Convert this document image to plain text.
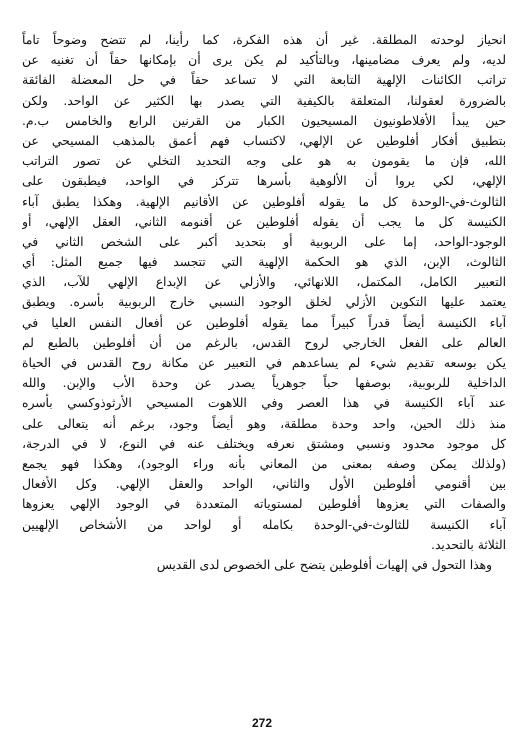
انحياز لوحدته المطلقة. غير أن هذه الفكرة، كما رأينا، لم تتضح وضوحاً تاماً
لديه، ولم يعرف مضامينها، وبالتأكيد لم يكن يرى أن بإمكانها حقاً أن تغنيه عن
تراتب الكائنات الإلهية التابعة التي لا تساعد حقاً في حل المعضلة الفائقة
بالضرورة لعقولنا، المتعلقة بالكيفية التي يصدر بها الكثير عن الواحد. ولكن
حين يبدأ الأفلاطونيون المسيحيون الكبار من القرنين الرابع والخامس ب.م.
بتطبيق أفكار أفلوطين عن الإلهي، لاكتساب فهم أعمق بالمذهب المسيحي عن
الله، فإن ما يقومون به هو على وجه التحديد التخلي عن تصور التراتب
الإلهي، لكي يروا أن الألوهية بأسرها تتركز في الواحد، فيطبقون على
الثالوث-في-الوحدة كل ما يقوله أفلوطين عن الأقانيم الإلهية. وهكذا يطبق آباء
الكنيسة كل ما يجب أن يقوله أفلوطين عن أقنومه الثاني، العقل الإلهي، أو
الوجود-الواحد، إما على الربوبية أو بتحديد أكبر على الشخص الثاني في
الثالوث، الإبن، الذي هو الحكمة الإلهية التي تتجسد فيها جميع المثل: أي
التعبير الكامل، المكتمل، اللانهائي، والأزلي عن الإبداع الإلهي للآب، الذي
يعتمد عليها التكوين الأزلي لخلق الوجود النسبي خارج الربوبية بأسره. ويطبق
آباء الكنيسة أيضاً قدراً كبيراً مما يقوله أفلوطين عن أفعال النفس العليا في
العالم على الفعل الخارجي لروح القدس، بالرغم من أن أفلوطين بالطبع لم
يكن بوسعه تقديم شيء لم يساعدهم في التعبير عن مكانة روح القدس في الحياة
الداخلية للربوبية، بوصفها حباً جوهرياً يصدر عن وحدة الأب والإبن. والله
عند آباء الكنيسة في هذا العصر وفي اللاهوت المسيحي الأرثوذوكسي بأسره
منذ ذلك الحين، واحد وحدة مطلقة، وهو أيضاً وجود، برغم أنه يتعالى على
كل موجود محدود ونسبي ومشتق نعرفه ويختلف عنه في النوع، لا في الدرجة،
(ولذلك يمكن وصفه بمعنى من المعاني بأنه وراء الوجود)، وهكذا فهو يجمع
بين أقنومي أفلوطين الأول والثاني، الواحد والعقل الإلهي. وكل الأفعال
والصفات التي يعزوها أفلوطين لمستوياته المتعددة في الوجود الإلهي يعزوها
آباء الكنيسة للثالوث-في-الوحدة بكامله أو لواحد من الأشخاص الإلهيين
الثلاثة بالتحديد.
وهذا التحول في إلهيات أفلوطين يتضح على الخصوص لدى القديس
272
